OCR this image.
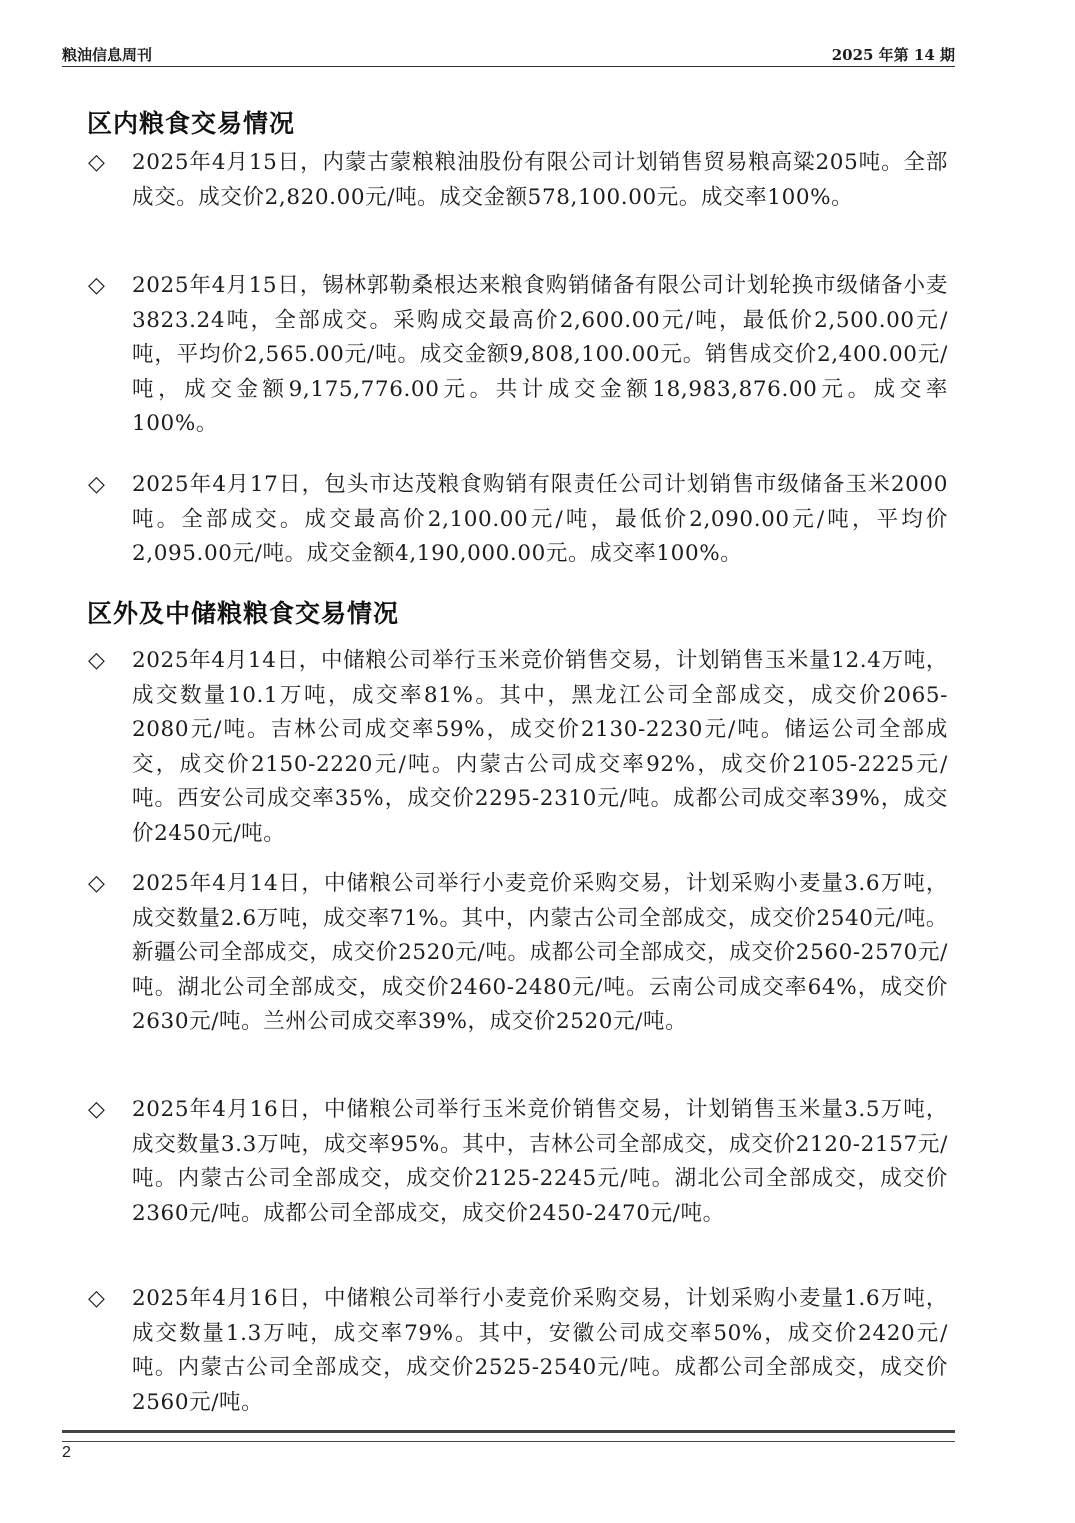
粮油信息周刊	2025 年第 14 期
区内粮食交易情况
◇	2025年4月15日，内蒙古蒙粮粮油股份有限公司计划销售贸易粮高粱205吨。全部成交。成交价2,820.00元/吨。成交金额578,100.00元。成交率100%。
◇	2025年4月15日，锡林郭勒桑根达来粮食购销储备有限公司计划轮换市级储备小麦3823.24吨，全部成交。采购成交最高价2,600.00元/吨，最低价2,500.00元/吨，平均价2,565.00元/吨。成交金额9,808,100.00元。销售成交价2,400.00元/吨，成交金额9,175,776.00元。共计成交金额18,983,876.00元。成交率100%。
◇	2025年4月17日，包头市达茂粮食购销有限责任公司计划销售市级储备玉米2000吨。全部成交。成交最高价2,100.00元/吨，最低价2,090.00元/吨，平均价2,095.00元/吨。成交金额4,190,000.00元。成交率100%。
区外及中储粮粮食交易情况
◇	2025年4月14日，中储粮公司举行玉米竞价销售交易，计划销售玉米量12.4万吨，成交数量10.1万吨，成交率81%。其中，黑龙江公司全部成交，成交价2065-2080元/吨。吉林公司成交率59%，成交价2130-2230元/吨。储运公司全部成交，成交价2150-2220元/吨。内蒙古公司成交率92%，成交价2105-2225元/吨。西安公司成交率35%，成交价2295-2310元/吨。成都公司成交率39%，成交价2450元/吨。
◇	2025年4月14日，中储粮公司举行小麦竞价采购交易，计划采购小麦量3.6万吨，成交数量2.6万吨，成交率71%。其中，内蒙古公司全部成交，成交价2540元/吨。新疆公司全部成交，成交价2520元/吨。成都公司全部成交，成交价2560-2570元/吨。湖北公司全部成交，成交价2460-2480元/吨。云南公司成交率64%，成交价2630元/吨。兰州公司成交率39%，成交价2520元/吨。
◇	2025年4月16日，中储粮公司举行玉米竞价销售交易，计划销售玉米量3.5万吨，成交数量3.3万吨，成交率95%。其中，吉林公司全部成交，成交价2120-2157元/吨。内蒙古公司全部成交，成交价2125-2245元/吨。湖北公司全部成交，成交价2360元/吨。成都公司全部成交，成交价2450-2470元/吨。
◇	2025年4月16日，中储粮公司举行小麦竞价采购交易，计划采购小麦量1.6万吨，成交数量1.3万吨，成交率79%。其中，安徽公司成交率50%，成交价2420元/吨。内蒙古公司全部成交，成交价2525-2540元/吨。成都公司全部成交，成交价2560元/吨。
2
